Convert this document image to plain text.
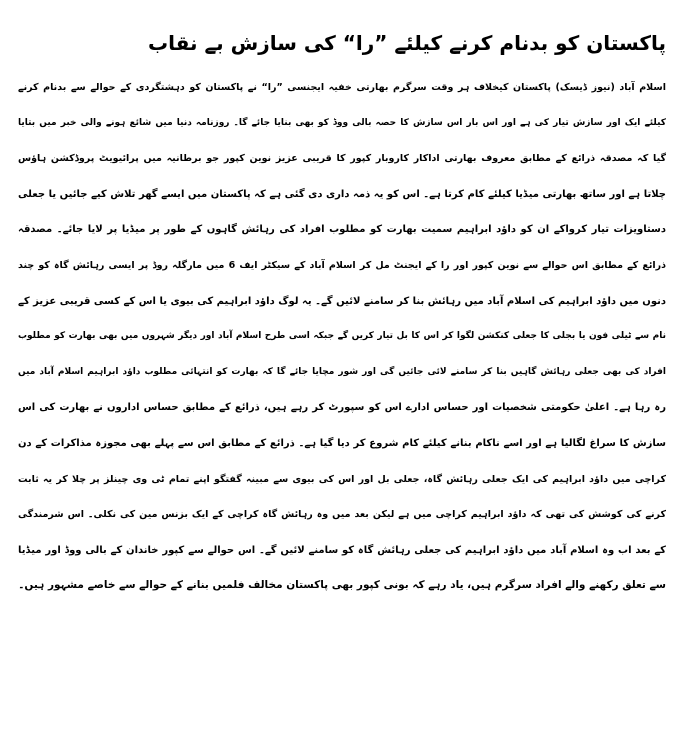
پاکستان کو بدنام کرنے کیلئے ”را“ کی سازش بے نقاب
اسلام آباد (نیوز ڈیسک) پاکستان کیخلاف ہر وقت سرگرم بھارتی خفیہ ایجنسی ”را“ نے پاکستان کو دہشتگردی کے حوالے سے بدنام کرنے
کیلئے ایک اور سازش تیار کی ہے اور اس بار اس سازش کا حصہ بالی ووڈ کو بھی بنایا جائے گا۔ روزنامہ دنیا میں شائع ہونے والی خبر میں بتایا
گیا کہ مصدقہ ذرائع کے مطابق معروف بھارتی اداکار کاروبار کپور کا قریبی عزیز نوین کپور جو برطانیہ میں پرائیویٹ پروڈکشن ہاؤس
چلاتا ہے اور ساتھ بھارتی میڈیا کیلئے کام کرتا ہے۔ اس کو یہ ذمہ داری دی گئی ہے کہ پاکستان میں ایسے گھر تلاش کیے جائیں یا جعلی
دستاویزات تیار کرواکے ان کو داؤد ابراہیم سمیت بھارت کو مطلوب افراد کی رہائش گاہوں کے طور پر میڈیا پر لایا جائے۔ مصدقہ
ذرائع کے مطابق اس حوالے سے نوین کپور اور را کے ایجنٹ مل کر اسلام آباد کے سیکٹر ایف 6 میں مارگلہ روڈ پر ایسی رہائش گاہ کو چند
دنوں میں داؤد ابراہیم کی اسلام آباد میں رہائش بنا کر سامنے لائیں گے۔ یہ لوگ داؤد ابراہیم کی بیوی یا اس کے کسی قریبی عزیز کے
نام سے ٹیلی فون یا بجلی کا جعلی کنکشن لگوا کر اس کا بل تیار کریں گے جبکہ اسی طرح اسلام آباد اور دیگر شہروں میں بھی بھارت کو مطلوب
افراد کی بھی جعلی رہائش گاہیں بنا کر سامنے لائی جائیں گی اور شور مچایا جائے گا کہ بھارت کو انتہائی مطلوب داؤد ابراہیم اسلام آباد میں
رہ رہا ہے۔ اعلیٰ حکومتی شخصیات اور حساس ادارے اس کو سپورٹ کر رہے ہیں، ذرائع کے مطابق حساس اداروں نے بھارت کی اس
سازش کا سراغ لگالیا ہے اور اسے ناکام بنانے کیلئے کام شروع کر دیا گیا ہے۔ ذرائع کے مطابق اس سے پہلے بھی مجوزہ مذاکرات کے دن
کراچی میں داؤد ابراہیم کی ایک جعلی رہائش گاہ، جعلی بل اور اس کی بیوی سے مبینہ گفتگو اپنے تمام ٹی وی چینلز پر چلا کر یہ ثابت
کرنے کی کوشش کی تھی کہ داؤد ابراہیم کراچی میں ہے لیکن بعد میں وہ رہائش گاہ کراچی کے ایک بزنس مین کی نکلی۔ اس شرمندگی
کے بعد اب وہ اسلام آباد میں داؤد ابراہیم کی جعلی رہائش گاہ کو سامنے لائیں گے۔ اس حوالے سے کپور خاندان کے بالی ووڈ اور میڈیا
سے تعلق رکھنے والے افراد سرگرم ہیں، یاد رہے کہ بونی کپور بھی پاکستان مخالف فلمیں بنانے کے حوالے سے خاصے مشہور ہیں۔
